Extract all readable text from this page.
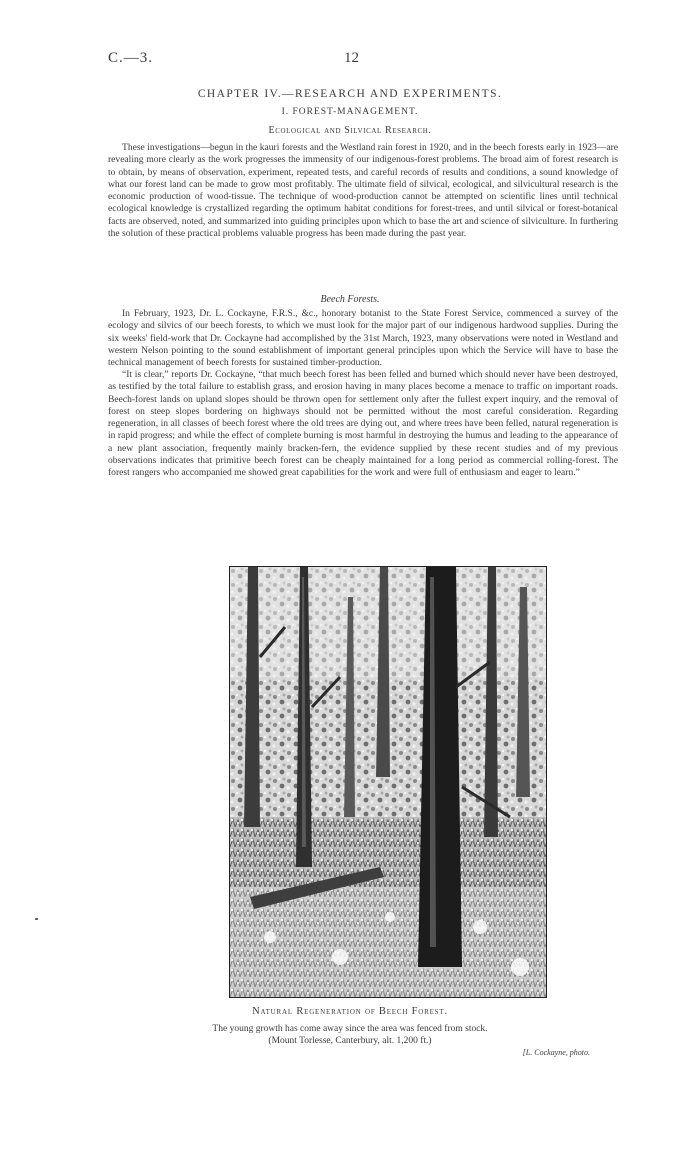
C.—3.	12
CHAPTER IV.—RESEARCH AND EXPERIMENTS.
I. FOREST-MANAGEMENT.
Ecological and Silvical Research.

These investigations—begun in the kauri forests and the Westland rain forest in 1920, and in the beech forests early in 1923—are revealing more clearly as the work progresses the immensity of our indigenous-forest problems. The broad aim of forest research is to obtain, by means of observation, experiment, repeated tests, and careful records of results and conditions, a sound knowledge of what our forest land can be made to grow most profitably. The ultimate field of silvical, ecological, and silvicultural research is the economic production of wood-tissue. The technique of wood-production cannot be attempted on scientific lines until technical ecological knowledge is crystallized regarding the optimum habitat conditions for forest-trees, and until silvical or forest-botanical facts are observed, noted, and summarized into guiding principles upon which to base the art and science of silviculture. In furthering the solution of these practical problems valuable progress has been made during the past year.

Beech Forests.

In February, 1923, Dr. L. Cockayne, F.R.S., &c., honorary botanist to the State Forest Service, commenced a survey of the ecology and silvics of our beech forests, to which we must look for the major part of our indigenous hardwood supplies. During the six weeks' field-work that Dr. Cockayne had accomplished by the 31st March, 1923, many observations were noted in Westland and western Nelson pointing to the sound establishment of important general principles upon which the Service will have to base the technical management of beech forests for sustained timber-production.

“It is clear,” reports Dr. Cockayne, “that much beech forest has been felled and burned which should never have been destroyed, as testified by the total failure to establish grass, and erosion having in many places become a menace to traffic on important roads. Beech-forest lands on upland slopes should be thrown open for settlement only after the fullest expert inquiry, and the removal of forest on steep slopes bordering on highways should not be permitted without the most careful consideration. Regarding regeneration, in all classes of beech forest where the old trees are dying out, and where trees have been felled, natural regeneration is in rapid progress; and while the effect of complete burning is most harmful in destroying the humus and leading to the appearance of a new plant association, frequently mainly bracken-fern, the evidence supplied by these recent studies and of my previous observations indicates that primitive beech forest can be cheaply maintained for a long period as commercial rolling-forest. The forest rangers who accompanied me showed great capabilities for the work and were full of enthusiasm and eager to learn.”

Natural Regeneration of Beech Forest.
The young growth has come away since the area was fenced from stock.
(Mount Torlesse, Canterbury, alt. 1,200 ft.)
[L. Cockayne, photo.
